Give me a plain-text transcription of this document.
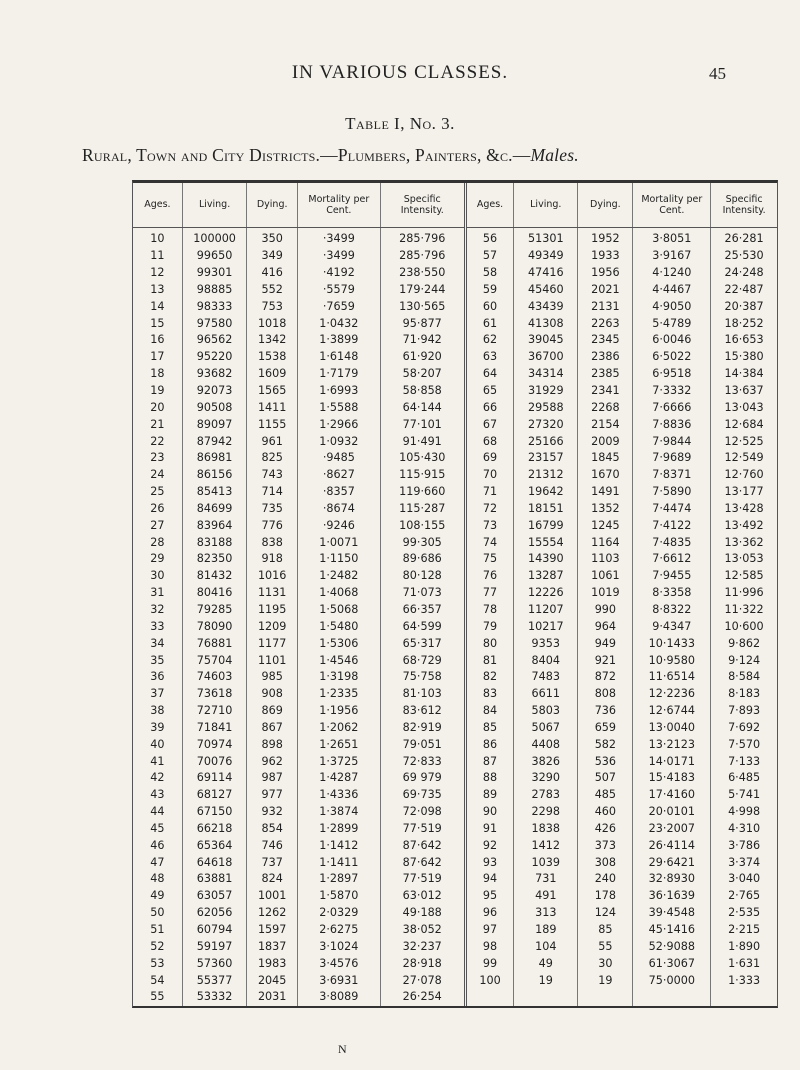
IN VARIOUS CLASSES.	45
Table I, No. 3.
Rural, Town and City Districts.—Plumbers, Painters, &c.—Males.
Ages.	Living.	Dying.	Mortality per Cent.	Specific Intensity.	Ages.	Living.	Dying.	Mortality per Cent.	Specific Intensity.
10	100000	350	·3499	285·796	56	51301	1952	3·8051	26·281
11	99650	349	·3499	285·796	57	49349	1933	3·9167	25·530
12	99301	416	·4192	238·550	58	47416	1956	4·1240	24·248
13	98885	552	·5579	179·244	59	45460	2021	4·4467	22·487
14	98333	753	·7659	130·565	60	43439	2131	4·9050	20·387
15	97580	1018	1·0432	95·877	61	41308	2263	5·4789	18·252
16	96562	1342	1·3899	71·942	62	39045	2345	6·0046	16·653
17	95220	1538	1·6148	61·920	63	36700	2386	6·5022	15·380
18	93682	1609	1·7179	58·207	64	34314	2385	6·9518	14·384
19	92073	1565	1·6993	58·858	65	31929	2341	7·3332	13·637
20	90508	1411	1·5588	64·144	66	29588	2268	7·6666	13·043
21	89097	1155	1·2966	77·101	67	27320	2154	7·8836	12·684
22	87942	961	1·0932	91·491	68	25166	2009	7·9844	12·525
23	86981	825	·9485	105·430	69	23157	1845	7·9689	12·549
24	86156	743	·8627	115·915	70	21312	1670	7·8371	12·760
25	85413	714	·8357	119·660	71	19642	1491	7·5890	13·177
26	84699	735	·8674	115·287	72	18151	1352	7·4474	13·428
27	83964	776	·9246	108·155	73	16799	1245	7·4122	13·492
28	83188	838	1·0071	99·305	74	15554	1164	7·4835	13·362
29	82350	918	1·1150	89·686	75	14390	1103	7·6612	13·053
30	81432	1016	1·2482	80·128	76	13287	1061	7·9455	12·585
31	80416	1131	1·4068	71·073	77	12226	1019	8·3358	11·996
32	79285	1195	1·5068	66·357	78	11207	990	8·8322	11·322
33	78090	1209	1·5480	64·599	79	10217	964	9·4347	10·600
34	76881	1177	1·5306	65·317	80	9353	949	10·1433	9·862
35	75704	1101	1·4546	68·729	81	8404	921	10·9580	9·124
36	74603	985	1·3198	75·758	82	7483	872	11·6514	8·584
37	73618	908	1·2335	81·103	83	6611	808	12·2236	8·183
38	72710	869	1·1956	83·612	84	5803	736	12·6744	7·893
39	71841	867	1·2062	82·919	85	5067	659	13·0040	7·692
40	70974	898	1·2651	79·051	86	4408	582	13·2123	7·570
41	70076	962	1·3725	72·833	87	3826	536	14·0171	7·133
42	69114	987	1·4287	69 979	88	3290	507	15·4183	6·485
43	68127	977	1·4336	69·735	89	2783	485	17·4160	5·741
44	67150	932	1·3874	72·098	90	2298	460	20·0101	4·998
45	66218	854	1·2899	77·519	91	1838	426	23·2007	4·310
46	65364	746	1·1412	87·642	92	1412	373	26·4114	3·786
47	64618	737	1·1411	87·642	93	1039	308	29·6421	3·374
48	63881	824	1·2897	77·519	94	731	240	32·8930	3·040
49	63057	1001	1·5870	63·012	95	491	178	36·1639	2·765
50	62056	1262	2·0329	49·188	96	313	124	39·4548	2·535
51	60794	1597	2·6275	38·052	97	189	85	45·1416	2·215
52	59197	1837	3·1024	32·237	98	104	55	52·9088	1·890
53	57360	1983	3·4576	28·918	99	49	30	61·3067	1·631
54	55377	2045	3·6931	27·078	100	19	19	75·0000	1·333
55	53332	2031	3·8089	26·254					
N
